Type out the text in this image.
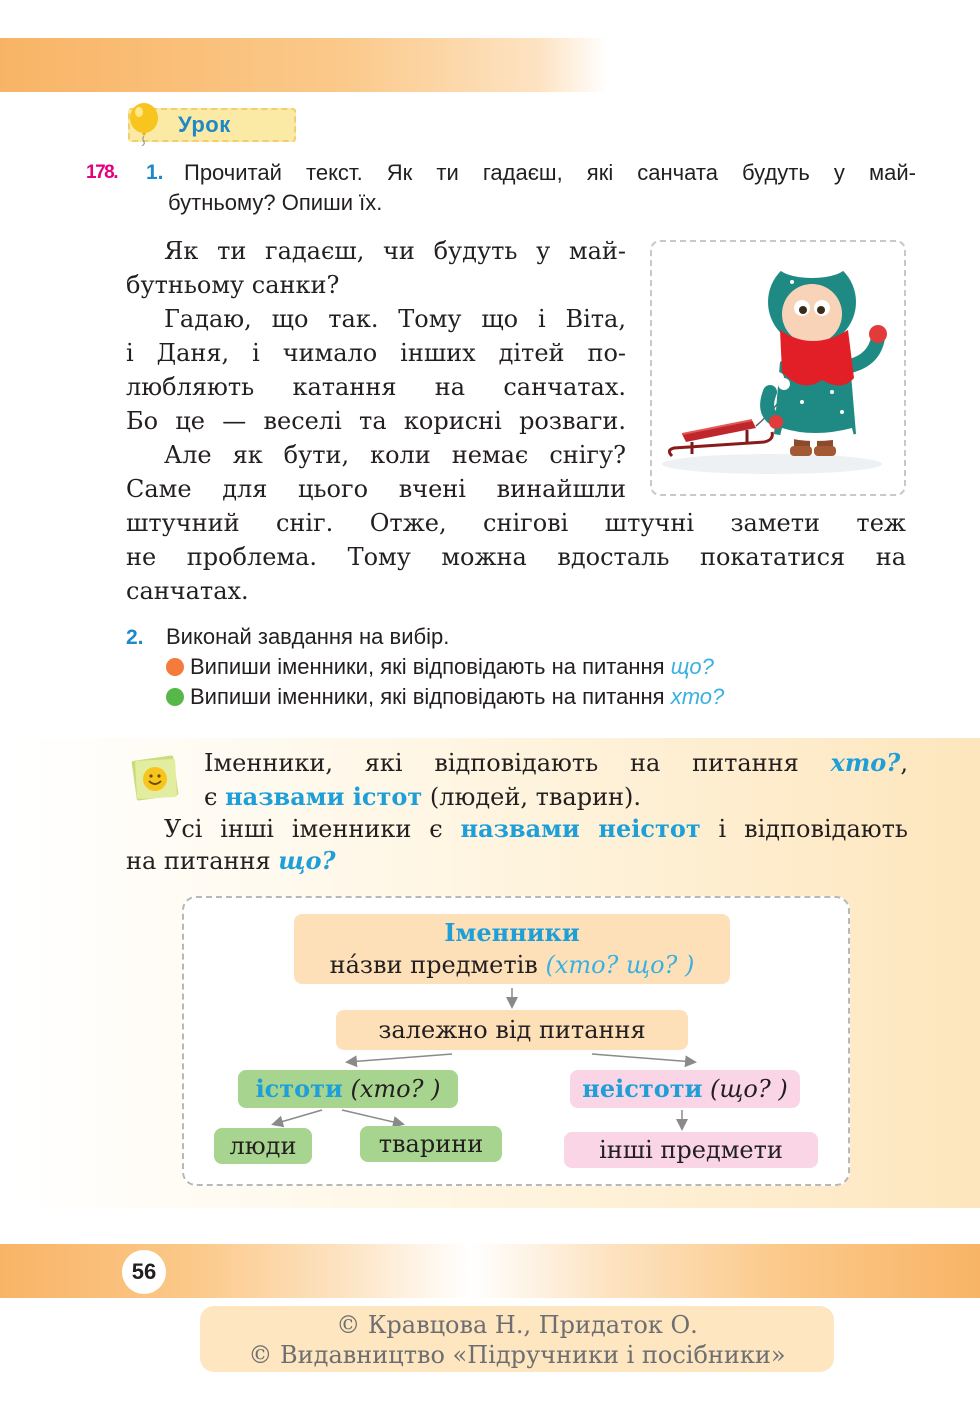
Урок
178. 1. Прочитай текст. Як ти гадаєш, які санчата будуть у май-
бутньому? Опиши їх.
Як ти гадаєш, чи будуть у май-
бутньому санки?
Гадаю, що так. Тому що і Віта,
і Даня, і чимало інших дітей по-
любляють катання на санчатах.
Бо це — веселі та корисні розваги.
Але як бути, коли немає снігу?
Саме для цього вчені винайшли
штучний сніг. Отже, снігові штучні замети теж
не проблема. Тому можна вдосталь покататися на
санчатах.
2. Виконай завдання на вибір.
Випиши іменники, які відповідають на питання що?
Випиши іменники, які відповідають на питання хто?
Іменники, які відповідають на питання хто?,
є назвами істот (людей, тварин).
Усі інші іменники є назвами неістот і відповідають
на питання що?
Іменники
на́зви предметів (хто? що? )
залежно від питання
істоти (хто? )	неістоти (що? )
люди	тварини	інші предмети
56
© Кравцова Н., Придаток О.
© Видавництво «Підручники і посібники»
